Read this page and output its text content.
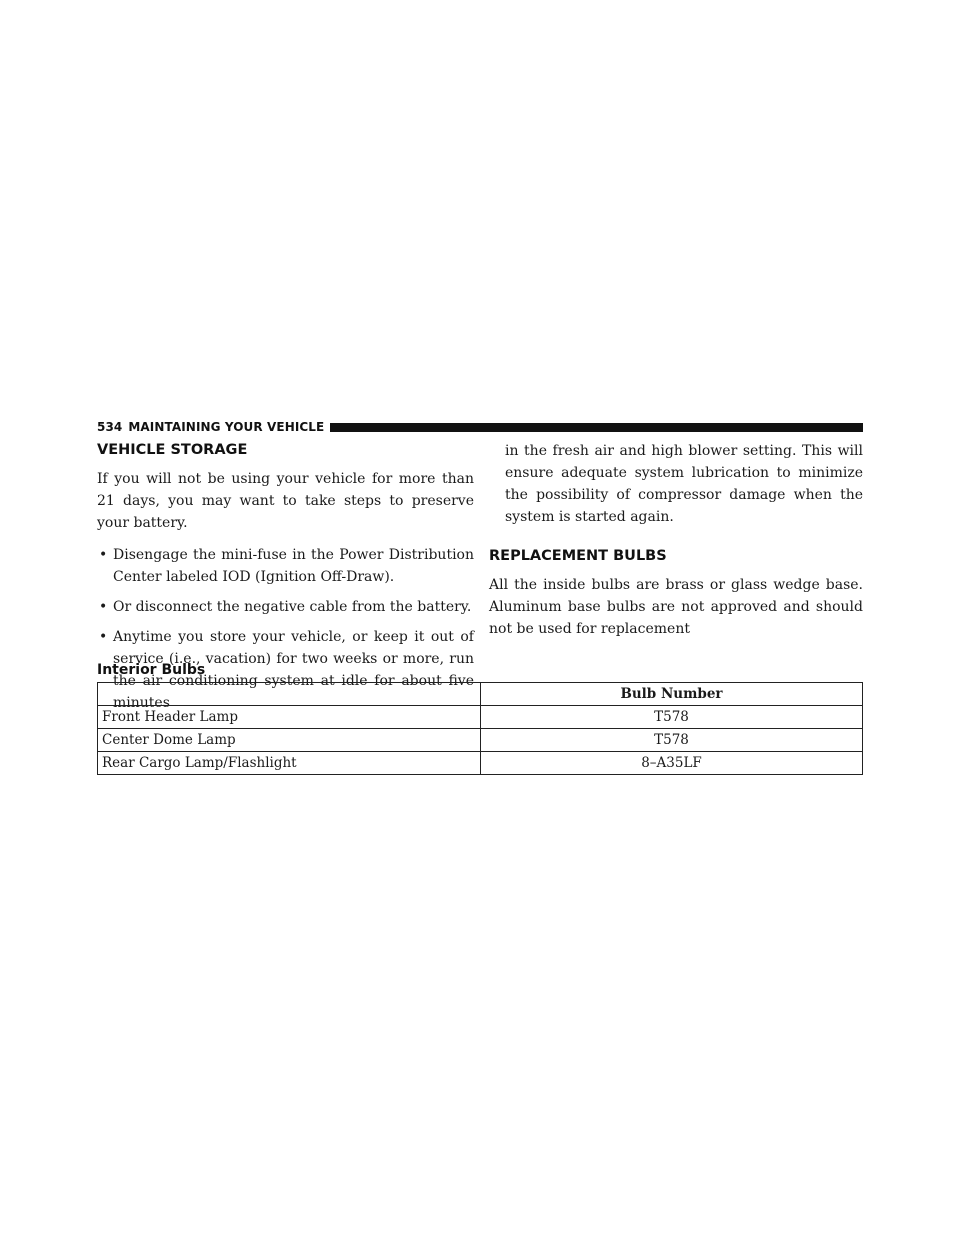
534 MAINTAINING YOUR VEHICLE
VEHICLE STORAGE

If you will not be using your vehicle for more than 21 days, you may want to take steps to preserve your battery.

• Disengage the mini-fuse in the Power Distribution Center labeled IOD (Ignition Off-Draw).
• Or disconnect the negative cable from the battery.
• Anytime you store your vehicle, or keep it out of service (i.e., vacation) for two weeks or more, run the air conditioning system at idle for about five minutes

in the fresh air and high blower setting. This will ensure adequate system lubrication to minimize the possibility of compressor damage when the system is started again.

REPLACEMENT BULBS

All the inside bulbs are brass or glass wedge base. Aluminum base bulbs are not approved and should not be used for replacement

Interior Bulbs
	Bulb Number
Front Header Lamp	T578
Center Dome Lamp	T578
Rear Cargo Lamp/Flashlight	8–A35LF
